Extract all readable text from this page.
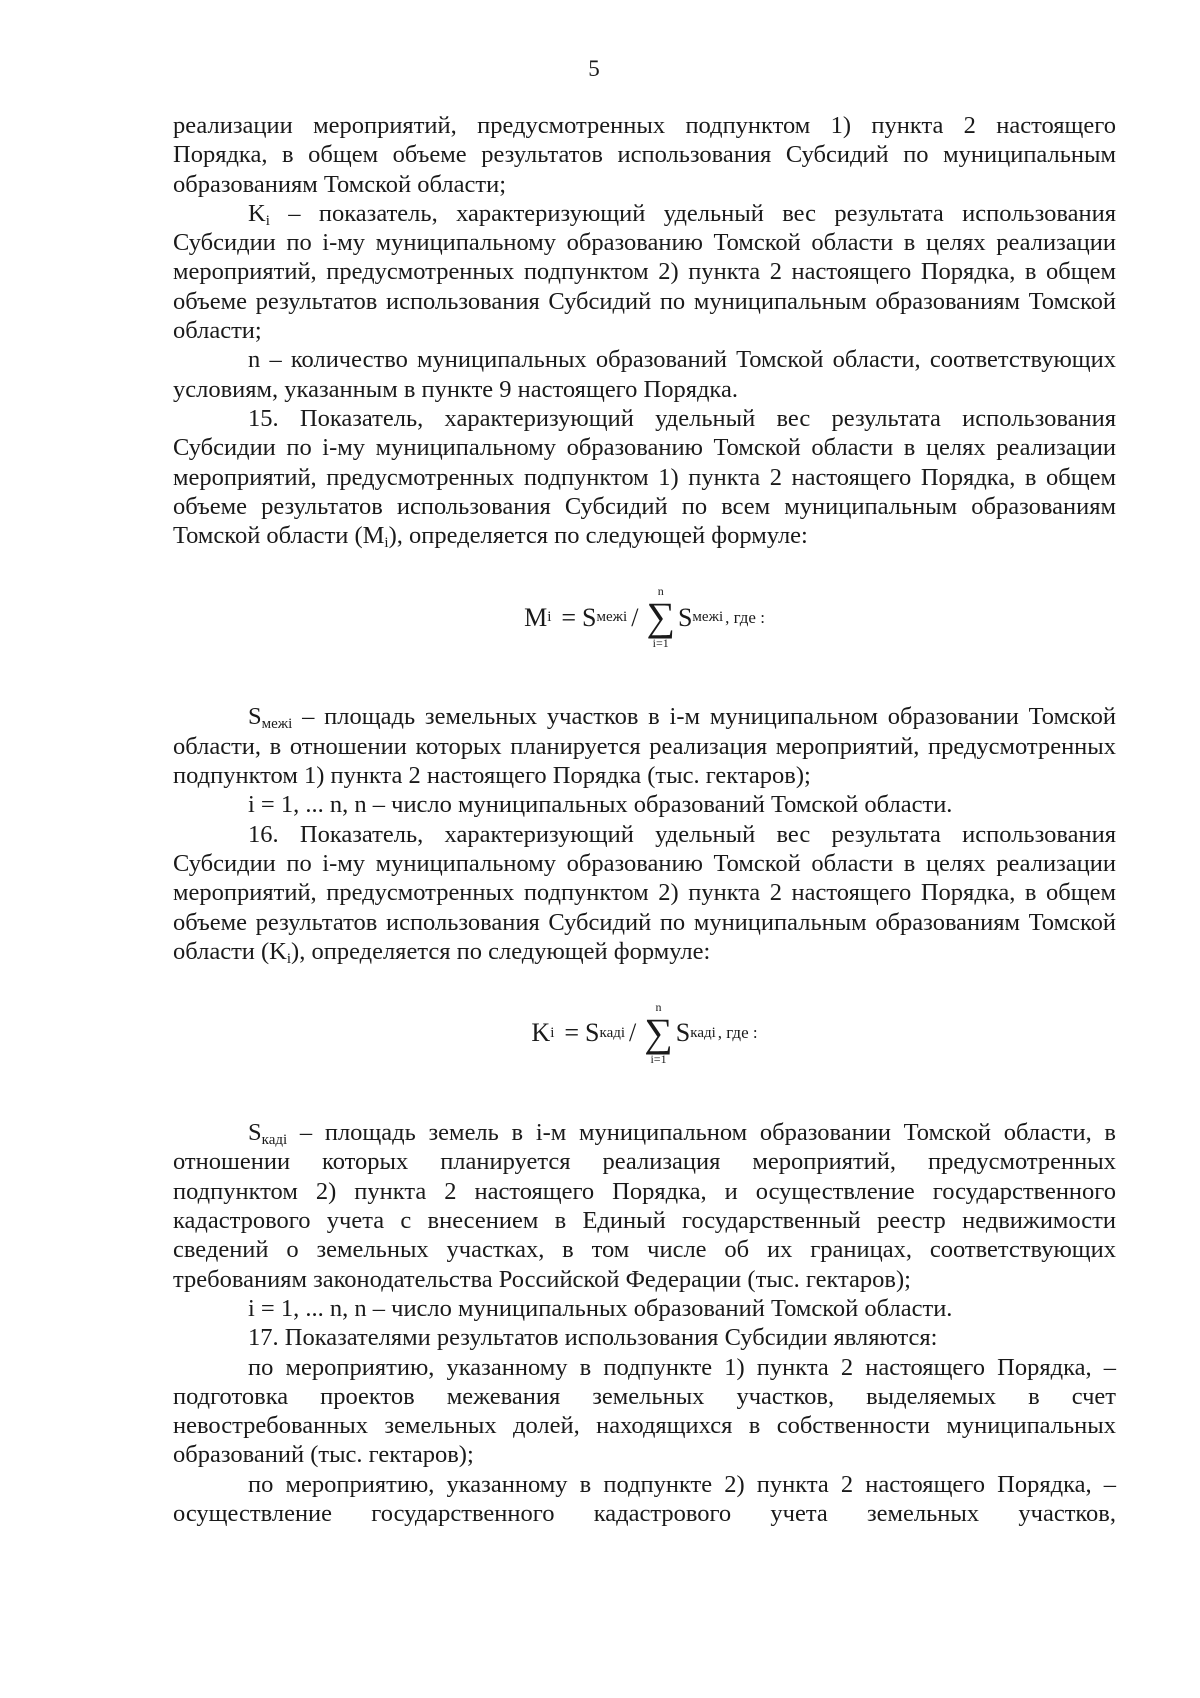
5

реализации мероприятий, предусмотренных подпунктом 1) пункта 2 настоящего Порядка, в общем объеме результатов использования Субсидий по муниципальным образованиям Томской области;

$K_i$ – показатель, характеризующий удельный вес результата использования Субсидии по i-му муниципальному образованию Томской области в целях реализации мероприятий, предусмотренных подпунктом 2) пункта 2 настоящего Порядка, в общем объеме результатов использования Субсидий по муниципальным образованиям Томской области;

n – количество муниципальных образований Томской области, соответствующих условиям, указанным в пункте 9 настоящего Порядка.

15. Показатель, характеризующий удельный вес результата использования Субсидии по i-му муниципальному образованию Томской области в целях реализации мероприятий, предусмотренных подпунктом 1) пункта 2 настоящего Порядка, в общем объеме результатов использования Субсидий по всем муниципальным образованиям Томской области $(M_i)$, определяется по следующей формуле:

M i = S межi /
n
∑
i=1
S межi , где :

$S_{межi}$ – площадь земельных участков в i-м муниципальном образовании Томской области, в отношении которых планируется реализация мероприятий, предусмотренных подпунктом 1) пункта 2 настоящего Порядка (тыс. гектаров);

i = 1, ... n, n – число муниципальных образований Томской области.

16. Показатель, характеризующий удельный вес результата использования Субсидии по i-му муниципальному образованию Томской области в целях реализации мероприятий, предусмотренных подпунктом 2) пункта 2 настоящего Порядка, в общем объеме результатов использования Субсидий по муниципальным образованиям Томской области $(K_i)$, определяется по следующей формуле:

K i = S кадi /
n
∑
i=1
S кадi , где :

$S_{кадi}$ – площадь земель в i-м муниципальном образовании Томской области, в отношении которых планируется реализация мероприятий, предусмотренных подпунктом 2) пункта 2 настоящего Порядка, и осуществление государственного кадастрового учета с внесением в Единый государственный реестр недвижимости сведений о земельных участках, в том числе об их границах, соответствующих требованиям законодательства Российской Федерации (тыс. гектаров);

i = 1, ... n, n – число муниципальных образований Томской области.

17. Показателями результатов использования Субсидии являются:

по мероприятию, указанному в подпункте 1) пункта 2 настоящего Порядка, – подготовка проектов межевания земельных участков, выделяемых в счет невостребованных земельных долей, находящихся в собственности муниципальных образований (тыс. гектаров);

по мероприятию, указанному в подпункте 2) пункта 2 настоящего Порядка, – осуществление государственного кадастрового учета земельных участков,
